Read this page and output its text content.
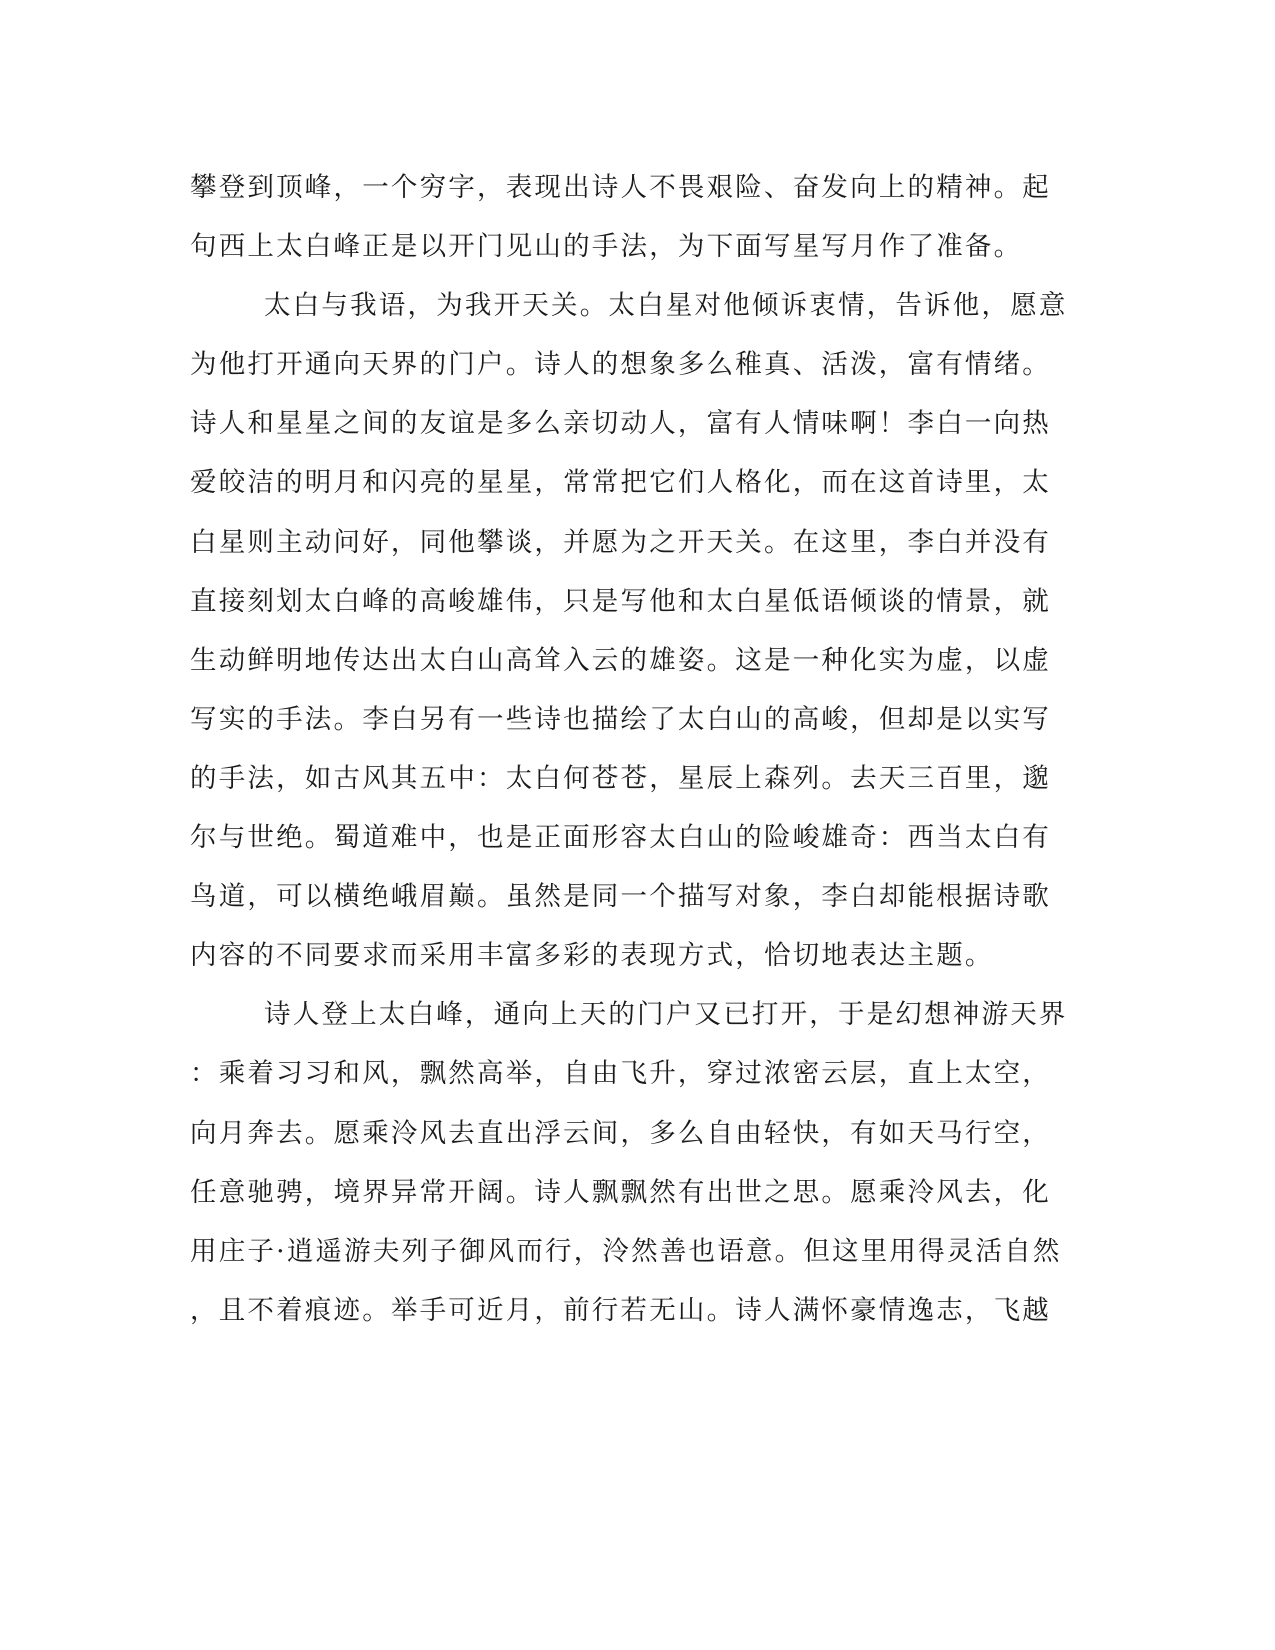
攀登到顶峰，一个穷字，表现出诗人不畏艰险、奋发向上的精神。起
句西上太白峰正是以开门见山的手法，为下面写星写月作了准备。
太白与我语，为我开天关。太白星对他倾诉衷情，告诉他，愿意
为他打开通向天界的门户。诗人的想象多么稚真、活泼，富有情绪。
诗人和星星之间的友谊是多么亲切动人，富有人情味啊！李白一向热
爱皎洁的明月和闪亮的星星，常常把它们人格化，而在这首诗里，太
白星则主动问好，同他攀谈，并愿为之开天关。在这里，李白并没有
直接刻划太白峰的高峻雄伟，只是写他和太白星低语倾谈的情景，就
生动鲜明地传达出太白山高耸入云的雄姿。这是一种化实为虚，以虚
写实的手法。李白另有一些诗也描绘了太白山的高峻，但却是以实写
的手法，如古风其五中：太白何苍苍，星辰上森列。去天三百里，邈
尔与世绝。蜀道难中，也是正面形容太白山的险峻雄奇：西当太白有
鸟道，可以横绝峨眉巅。虽然是同一个描写对象，李白却能根据诗歌
内容的不同要求而采用丰富多彩的表现方式，恰切地表达主题。
诗人登上太白峰，通向上天的门户又已打开，于是幻想神游天界
：乘着习习和风，飘然高举，自由飞升，穿过浓密云层，直上太空，
向月奔去。愿乘泠风去直出浮云间，多么自由轻快，有如天马行空，
任意驰骋，境界异常开阔。诗人飘飘然有出世之思。愿乘泠风去，化
用庄子·逍遥游夫列子御风而行，泠然善也语意。但这里用得灵活自然
，且不着痕迹。举手可近月，前行若无山。诗人满怀豪情逸志，飞越
